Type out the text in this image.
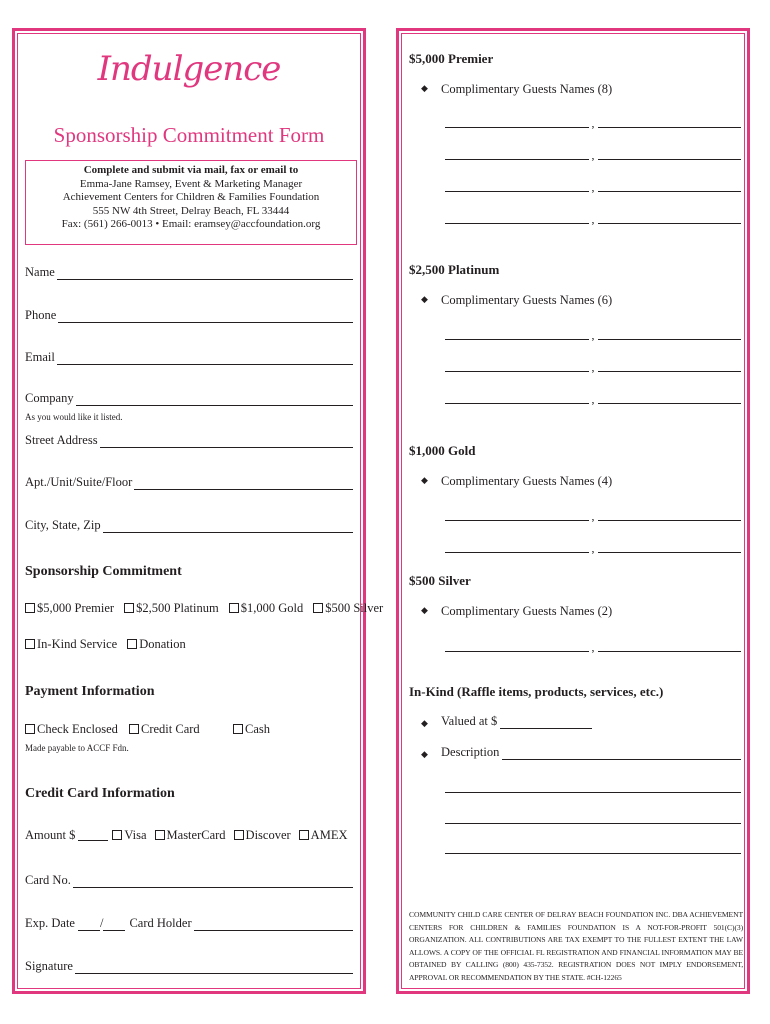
Indulgence
Sponsorship Commitment Form
Complete and submit via mail, fax or email to
Emma-Jane Ramsey, Event & Marketing Manager
Achievement Centers for Children & Families Foundation
555 NW 4th Street, Delray Beach, FL 33444
Fax: (561) 266-0013 • Email: eramsey@accfoundation.org
Name
Phone
Email
Company
As you would like it listed.
Street Address
Apt./Unit/Suite/Floor
City, State, Zip
Sponsorship Commitment
$5,000 Premier	$2,500 Platinum	$1,000 Gold	$500 Silver
In-Kind Service	Donation
Payment Information
Check Enclosed	Credit Card	Cash
Made payable to ACCF Fdn.
Credit Card Information
Amount $	Visa	MasterCard	Discover	AMEX
Card No.
Exp. Date / Card Holder
Signature
$5,000 Premier
◆ Complimentary Guests Names (8)
,
,
,
,
$2,500 Platinum
◆ Complimentary Guests Names (6)
,
,
,
$1,000 Gold
◆ Complimentary Guests Names (4)
,
,
$500 Silver
◆ Complimentary Guests Names (2)
,
In-Kind (Raffle items, products, services, etc.)
◆	Valued at $
◆	Description
COMMUNITY CHILD CARE CENTER OF DELRAY BEACH FOUNDATION INC. DBA ACHIEVEMENT CENTERS FOR CHILDREN & FAMILIES FOUNDATION IS A NOT-FOR-PROFIT 501(C)(3) ORGANIZATION. ALL CONTRIBUTIONS ARE TAX EXEMPT TO THE FULLEST EXTENT THE LAW ALLOWS. A COPY OF THE OFFICIAL FL REGISTRATION AND FINANCIAL INFORMATION MAY BE OBTAINED BY CALLING (800) 435-7352. REGISTRATION DOES NOT IMPLY ENDORSEMENT, APPROVAL OR RECOMMENDATION BY THE STATE. #CH-12265
